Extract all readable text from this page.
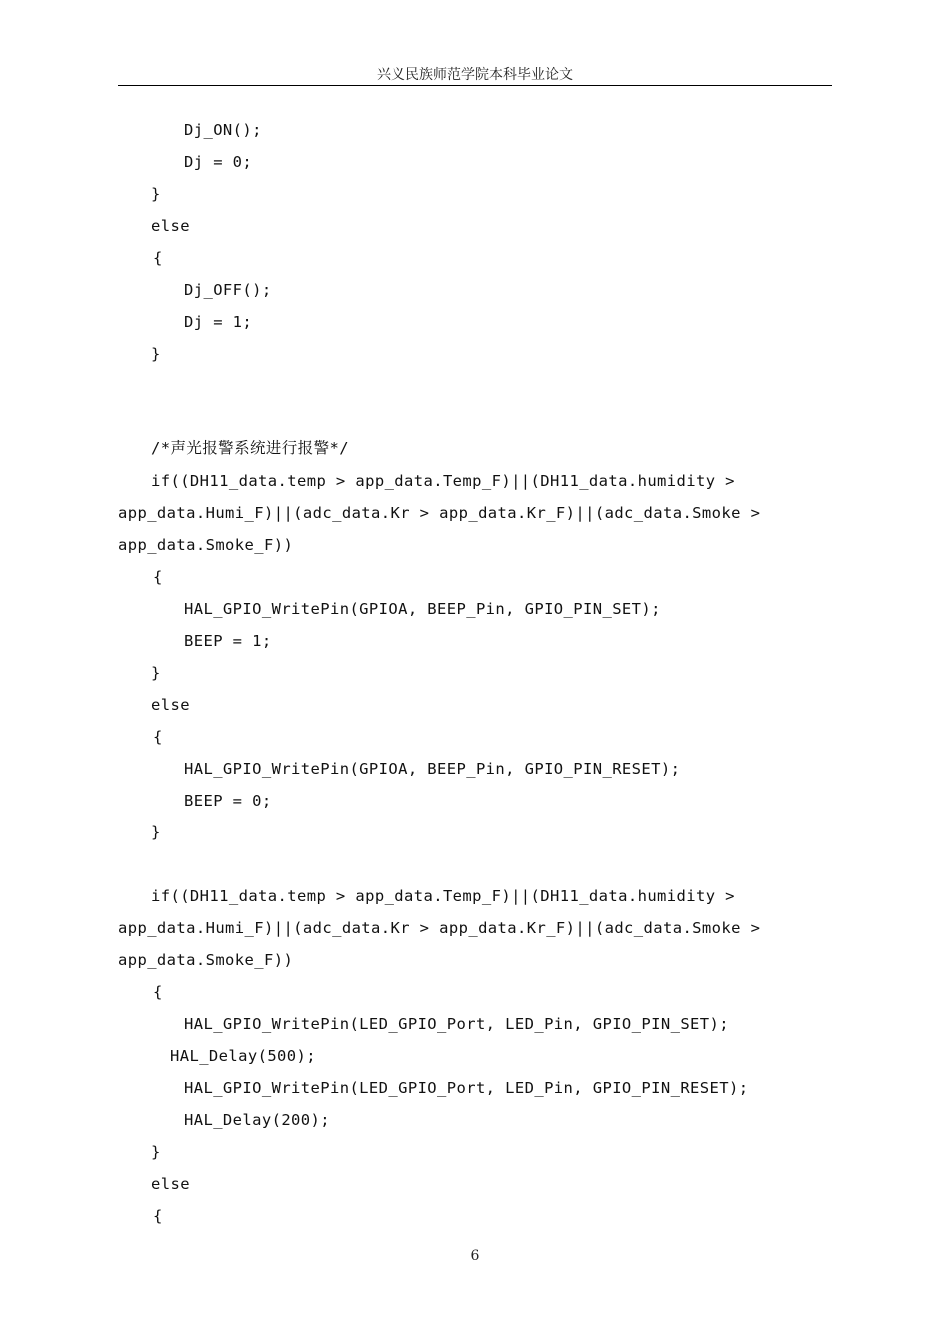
兴义民族师范学院本科毕业论文
Dj_ON();
Dj = 0;
}
else
{
Dj_OFF();
Dj = 1;
}
/*声光报警系统进行报警*/
if((DH11_data.temp > app_data.Temp_F)||(DH11_data.humidity >
app_data.Humi_F)||(adc_data.Kr > app_data.Kr_F)||(adc_data.Smoke >
app_data.Smoke_F))
{
HAL_GPIO_WritePin(GPIOA, BEEP_Pin, GPIO_PIN_SET);
BEEP = 1;
}
else
{
HAL_GPIO_WritePin(GPIOA, BEEP_Pin, GPIO_PIN_RESET);
BEEP = 0;
}
if((DH11_data.temp > app_data.Temp_F)||(DH11_data.humidity >
app_data.Humi_F)||(adc_data.Kr > app_data.Kr_F)||(adc_data.Smoke >
app_data.Smoke_F))
{
HAL_GPIO_WritePin(LED_GPIO_Port, LED_Pin, GPIO_PIN_SET);
HAL_Delay(500);
HAL_GPIO_WritePin(LED_GPIO_Port, LED_Pin, GPIO_PIN_RESET);
HAL_Delay(200);
}
else
{
6
